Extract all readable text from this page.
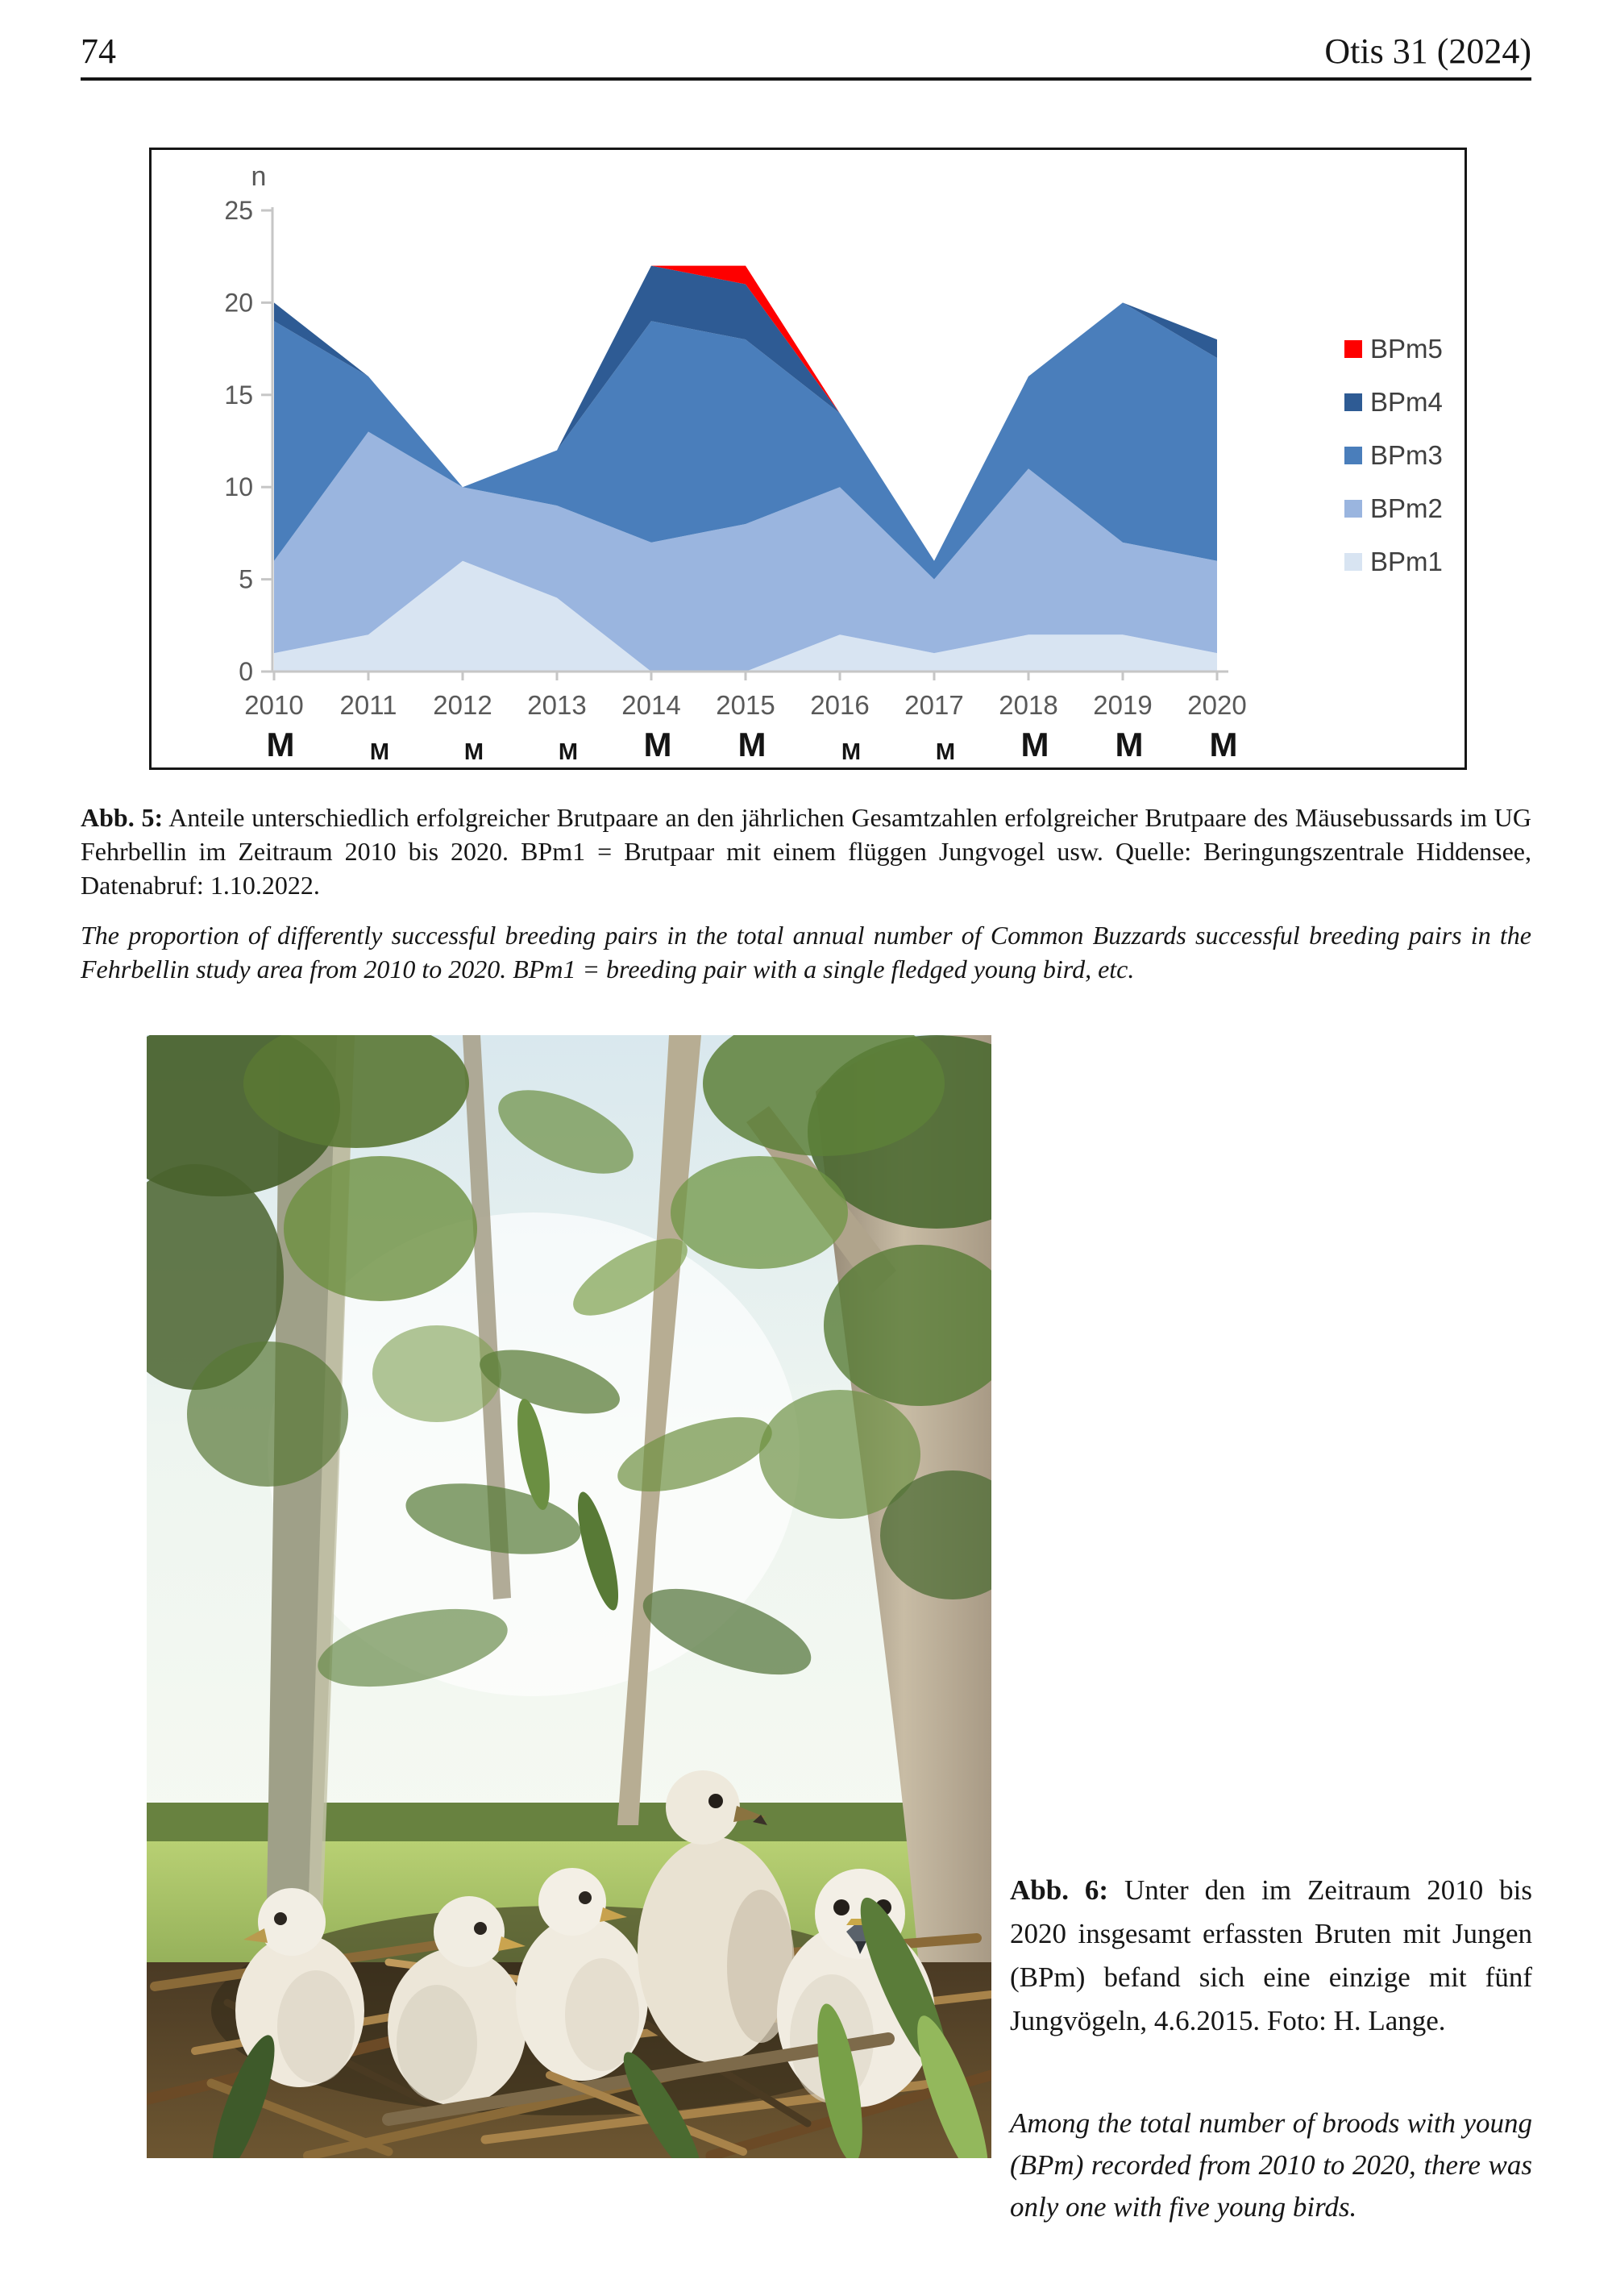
74	Otis 31 (2024)
0
5
10
15
20
25
n
2010
M
2011
M
2012
M
2013
M
2014
M
2015
M
2016
M
2017
M
2018
M
2019
M
2020
M
BPm5
BPm4
BPm3
BPm2
BPm1
Abb. 5: Anteile unterschiedlich erfolgreicher Brutpaare an den jährlichen Gesamtzahlen erfolgreicher Brutpaare des Mäusebussards im UG Fehrbellin im Zeitraum 2010 bis 2020. BPm1 = Brutpaar mit einem flüggen Jungvogel usw. Quelle: Beringungszentrale Hiddensee, Datenabruf: 1.10.2022.
The proportion of differently successful breeding pairs in the total annual number of Common Buzzards successful breeding pairs in the Fehrbellin study area from 2010 to 2020. BPm1 = breeding pair with a single fledged young bird, etc.
Abb. 6: Unter den im Zeitraum 2010 bis 2020 insgesamt erfassten Bruten mit Jungen (BPm) befand sich eine einzige mit fünf Jungvögeln, 4.6.2015. Foto: H. Lange.
Among the total number of broods with young (BPm) recorded from 2010 to 2020, there was only one with five young birds.
